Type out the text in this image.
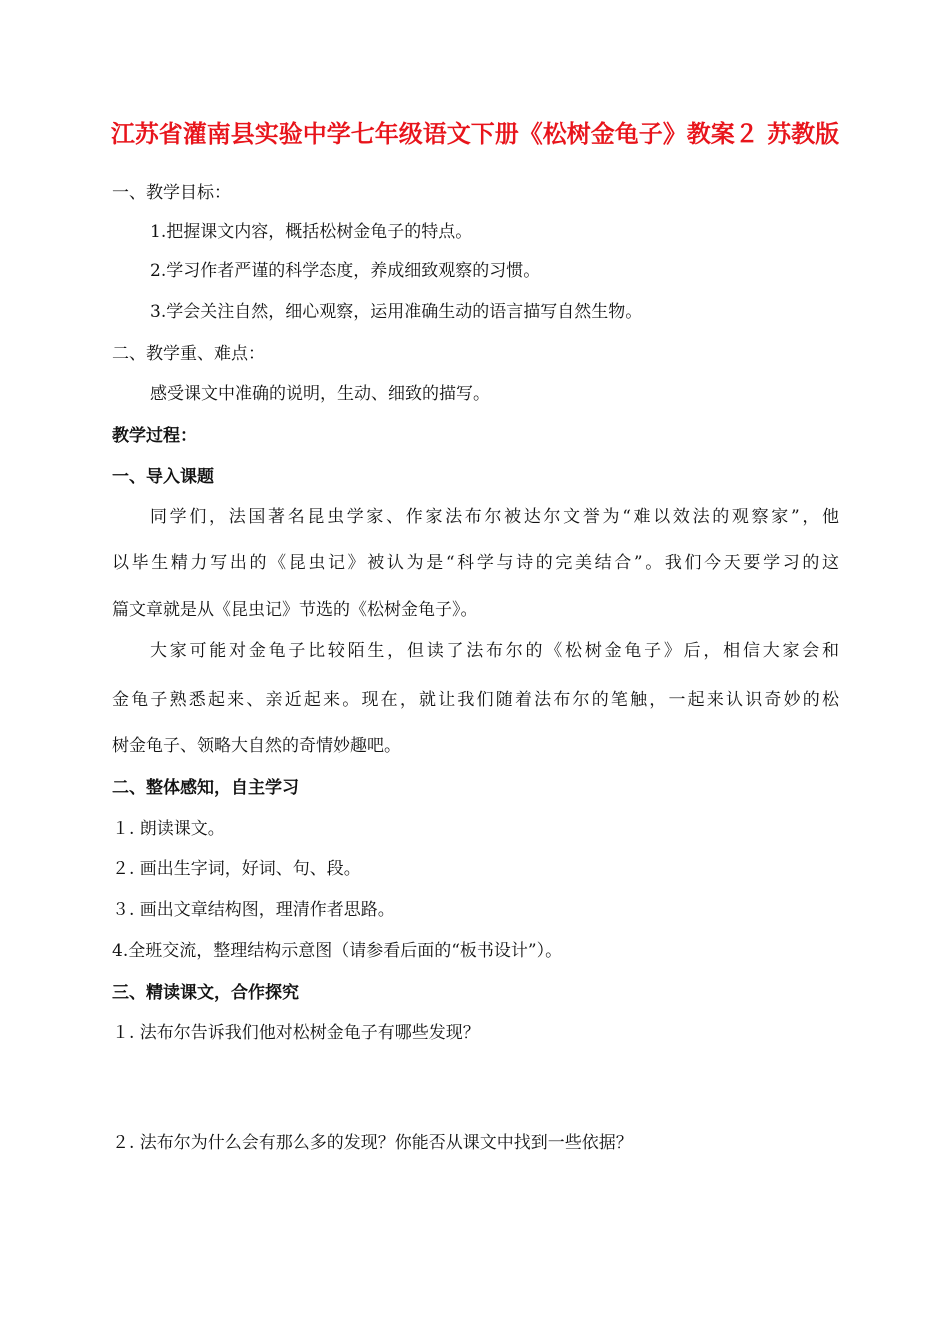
江苏省灌南县实验中学七年级语文下册《松树金龟子》教案２ 苏教版
一、教学目标：
1.把握课文内容，概括松树金龟子的特点。
2.学习作者严谨的科学态度，养成细致观察的习惯。
3.学会关注自然，细心观察，运用准确生动的语言描写自然生物。
二、教学重、难点：
感受课文中准确的说明，生动、细致的描写。
教学过程：
一、导入课题
同学们，法国著名昆虫学家、作家法布尔被达尔文誉为“难以效法的观察家”，他
以毕生精力写出的《昆虫记》被认为是“科学与诗的完美结合”。我们今天要学习的这
篇文章就是从《昆虫记》节选的《松树金龟子》。
大家可能对金龟子比较陌生，但读了法布尔的《松树金龟子》后，相信大家会和
金龟子熟悉起来、亲近起来。现在，就让我们随着法布尔的笔触，一起来认识奇妙的松
树金龟子、领略大自然的奇情妙趣吧。
二、整体感知，自主学习
１. 朗读课文。
２. 画出生字词，好词、句、段。
３. 画出文章结构图，理清作者思路。
4.全班交流，整理结构示意图（请参看后面的“板书设计”）。
三、精读课文，合作探究
１. 法布尔告诉我们他对松树金龟子有哪些发现？
２. 法布尔为什么会有那么多的发现？你能否从课文中找到一些依据？
